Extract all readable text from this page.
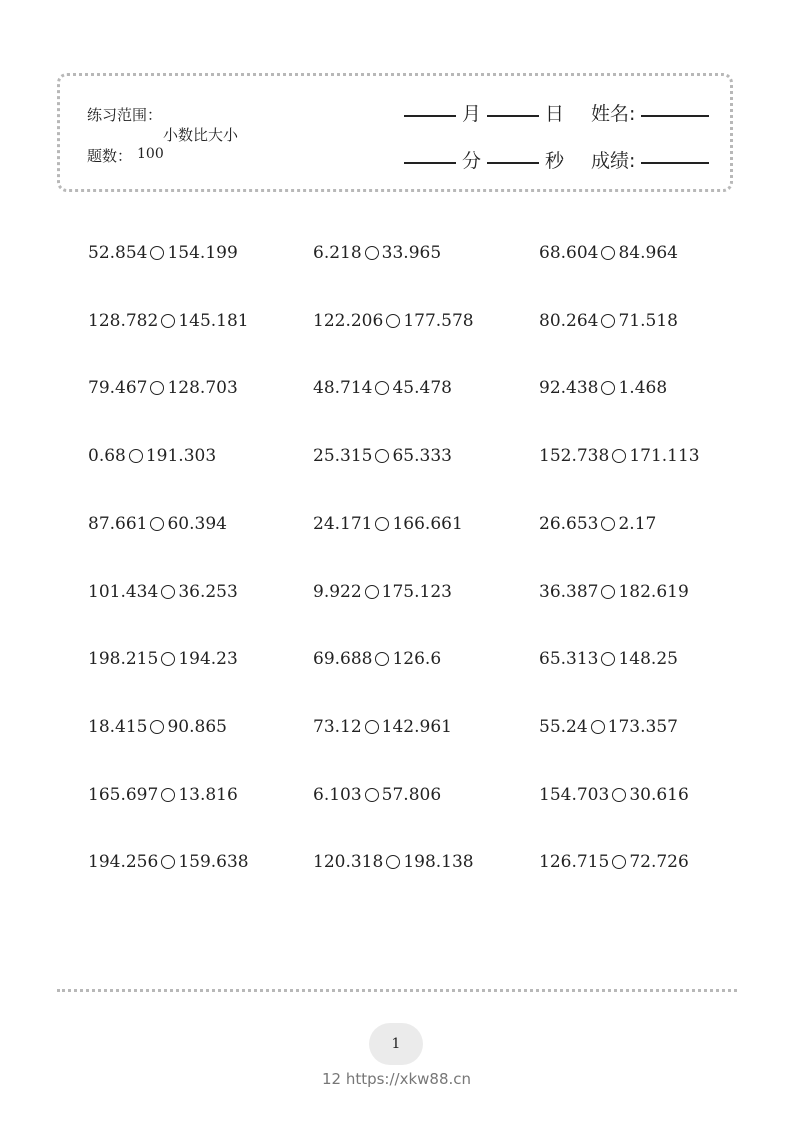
练习范围：
小数比大小
题数： 100
月	日 姓名:
分	秒 成绩:
52.854 154.199	6.218 33.965	68.604 84.964
128.782 145.181	122.206 177.578	80.264 71.518
79.467 128.703	48.714 45.478	92.438 1.468
0.68 191.303	25.315 65.333	152.738 171.113
87.661 60.394	24.171 166.661	26.653 2.17
101.434 36.253	9.922 175.123	36.387 182.619
198.215 194.23	69.688 126.6	65.313 148.25
18.415 90.865	73.12 142.961	55.24 173.357
165.697 13.816	6.103 57.806	154.703 30.616
194.256 159.638	120.318 198.138	126.715 72.726
1
12 https://xkw88.cn
